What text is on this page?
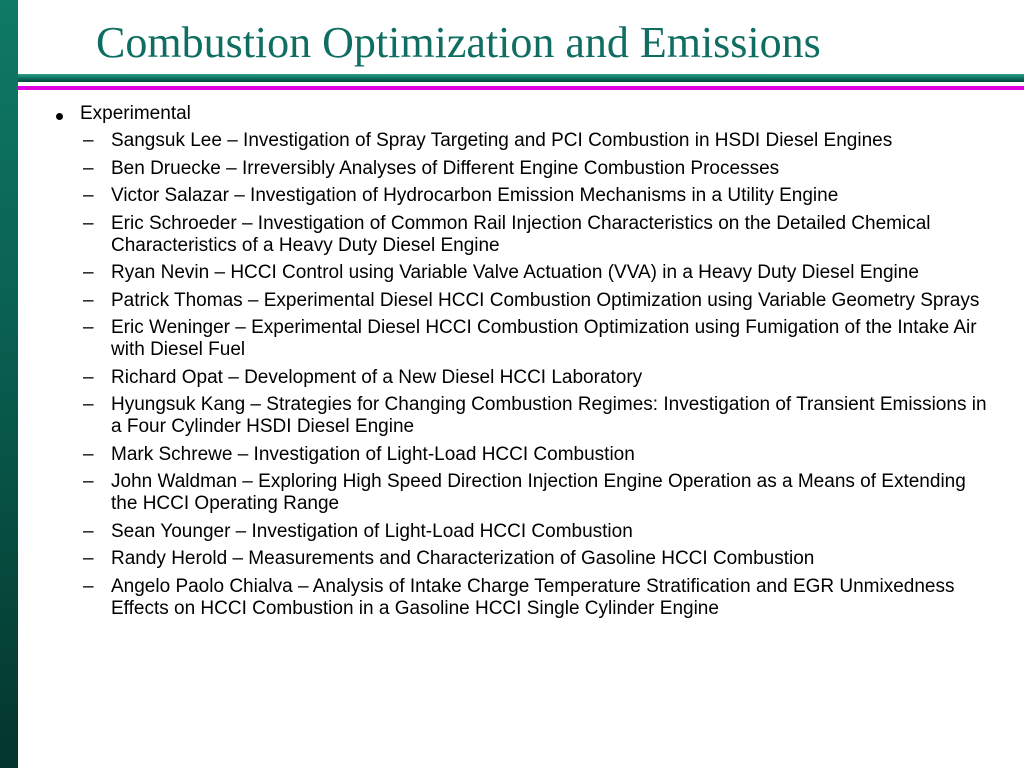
Combustion Optimization and Emissions
Experimental
– Sangsuk Lee – Investigation of Spray Targeting and PCI Combustion in HSDI Diesel Engines
– Ben Druecke – Irreversibly Analyses of Different Engine Combustion Processes
– Victor Salazar – Investigation of Hydrocarbon Emission Mechanisms in a Utility Engine
– Eric Schroeder – Investigation of Common Rail Injection Characteristics on the Detailed Chemical Characteristics of a Heavy Duty Diesel Engine
– Ryan Nevin – HCCI Control using Variable Valve Actuation (VVA) in a Heavy Duty Diesel Engine
– Patrick Thomas – Experimental Diesel HCCI Combustion Optimization using Variable Geometry Sprays
– Eric Weninger – Experimental Diesel HCCI Combustion Optimization using Fumigation of the Intake Air with Diesel Fuel
– Richard Opat – Development of a New Diesel HCCI Laboratory
– Hyungsuk Kang – Strategies for Changing Combustion Regimes: Investigation of Transient Emissions in a Four Cylinder HSDI Diesel Engine
– Mark Schrewe – Investigation of Light-Load HCCI Combustion
– John Waldman – Exploring High Speed Direction Injection Engine Operation as a Means of Extending the HCCI Operating Range
– Sean Younger – Investigation of Light-Load HCCI Combustion
– Randy Herold – Measurements and Characterization of Gasoline HCCI Combustion
– Angelo Paolo Chialva – Analysis of Intake Charge Temperature Stratification and EGR Unmixedness Effects on HCCI Combustion in a Gasoline HCCI Single Cylinder Engine
